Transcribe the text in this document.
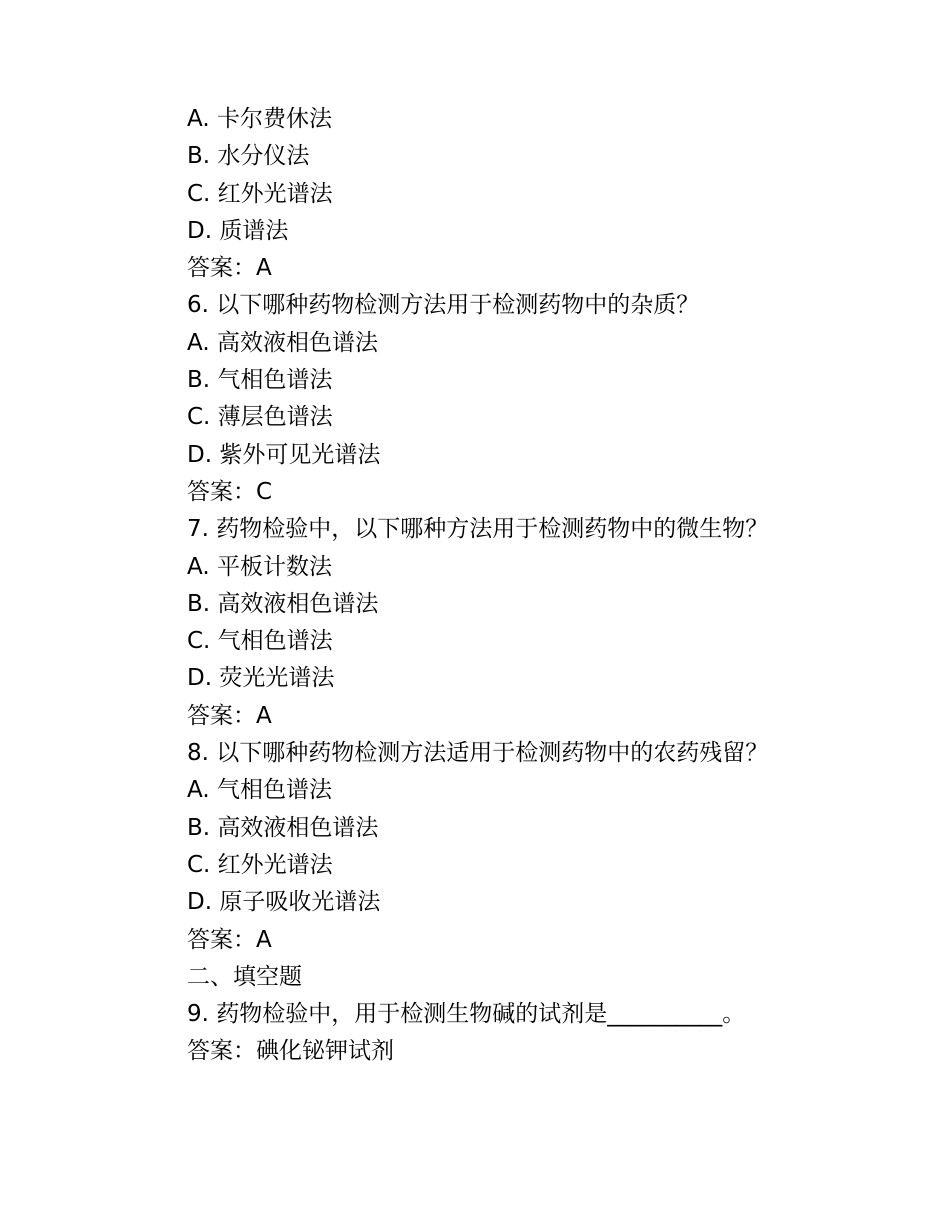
A. 卡尔费休法
B. 水分仪法
C. 红外光谱法
D. 质谱法
答案：A
6. 以下哪种药物检测方法用于检测药物中的杂质？
A. 高效液相色谱法
B. 气相色谱法
C. 薄层色谱法
D. 紫外可见光谱法
答案：C
7. 药物检验中，以下哪种方法用于检测药物中的微生物？
A. 平板计数法
B. 高效液相色谱法
C. 气相色谱法
D. 荧光光谱法
答案：A
8. 以下哪种药物检测方法适用于检测药物中的农药残留？
A. 气相色谱法
B. 高效液相色谱法
C. 红外光谱法
D. 原子吸收光谱法
答案：A
二、填空题
9. 药物检验中，用于检测生物碱的试剂是__________。
答案：碘化铋钾试剂
